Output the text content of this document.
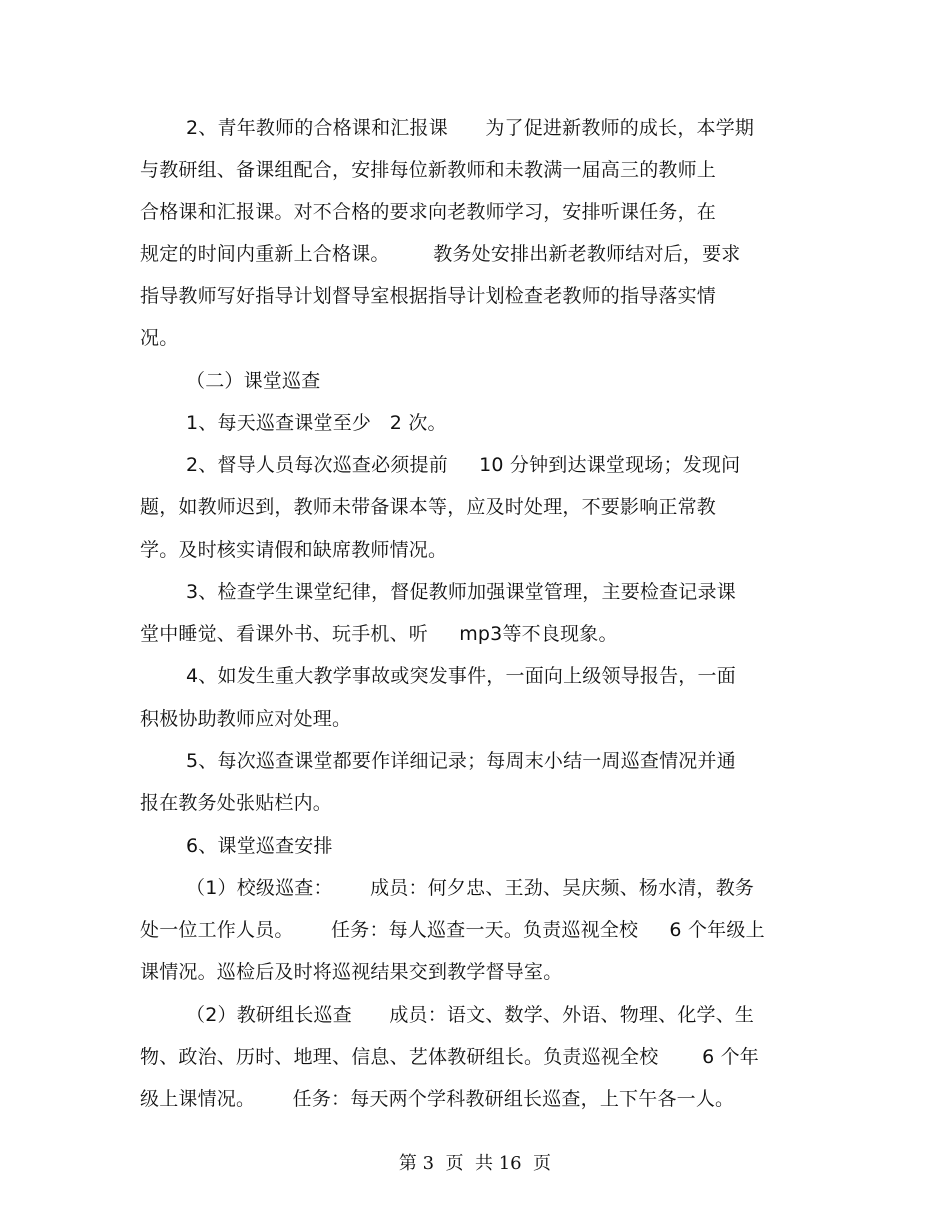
2、青年教师的合格课和汇报课      为了促进新教师的成长，本学期
与教研组、备课组配合，安排每位新教师和未教满一届高三的教师上
合格课和汇报课。对不合格的要求向老教师学习，安排听课任务，在
规定的时间内重新上合格课。       教务处安排出新老教师结对后，要求
指导教师写好指导计划督导室根据指导计划检查老教师的指导落实情
况。
（二）课堂巡查
1、每天巡查课堂至少   2 次。
2、督导人员每次巡查必须提前     10 分钟到达课堂现场；发现问
题，如教师迟到，教师未带备课本等，应及时处理，不要影响正常教
学。及时核实请假和缺席教师情况。
3、检查学生课堂纪律，督促教师加强课堂管理，主要检查记录课
堂中睡觉、看课外书、玩手机、听     mp3等不良现象。
4、如发生重大教学事故或突发事件，一面向上级领导报告，一面
积极协助教师应对处理。
5、每次巡查课堂都要作详细记录；每周末小结一周巡查情况并通
报在教务处张贴栏内。
6、课堂巡查安排
（1）校级巡查：      成员：何夕忠、王劲、吴庆频、杨水清，教务
处一位工作人员。      任务：每人巡查一天。负责巡视全校     6 个年级上
课情况。巡检后及时将巡视结果交到教学督导室。
（2）教研组长巡查      成员：语文、数学、外语、物理、化学、生
物、政治、历时、地理、信息、艺体教研组长。负责巡视全校       6 个年
级上课情况。      任务：每天两个学科教研组长巡查，上下午各一人。
第 3  页  共 16  页
